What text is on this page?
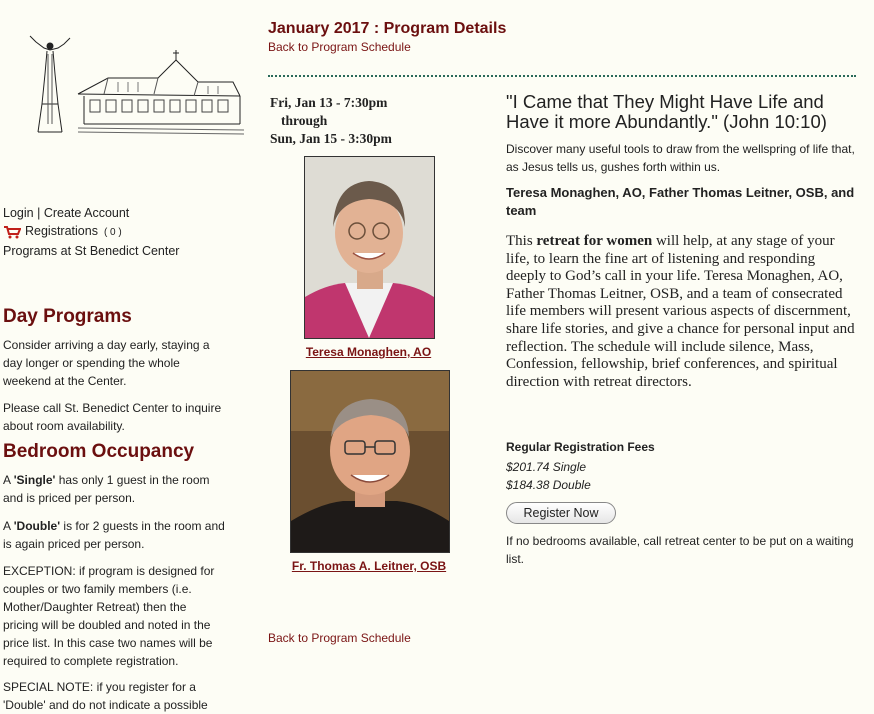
Login | Create Account
Registrations ( 0 )
Programs at St Benedict Center
Day Programs

Consider arriving a day early, staying a day longer or spending the whole weekend at the Center.

Please call St. Benedict Center to inquire about room availability.

Bedroom Occupancy

A 'Single' has only 1 guest in the room and is priced per person.

A 'Double' is for 2 guests in the room and is again priced per person.

EXCEPTION: if program is designed for couples or two family members (i.e. Mother/Daughter Retreat) then the pricing will be doubled and noted in the price list. In this case two names will be required to complete registration.

SPECIAL NOTE: if you register for a 'Double' and do not indicate a possible

January 2017 : Program Details
Back to Program Schedule
Fri, Jan 13 - 7:30pm
through
Sun, Jan 15 - 3:30pm
Teresa Monaghen, AO
Fr. Thomas A. Leitner, OSB
Back to Program Schedule

"I Came that They Might Have Life and Have it more Abundantly." (John 10:10)

Discover many useful tools to draw from the wellspring of life that, as Jesus tells us, gushes forth within us.

Teresa Monaghen, AO, Father Thomas Leitner, OSB, and team

This retreat for women will help, at any stage of your life, to learn the fine art of listening and responding deeply to God’s call in your life. Teresa Monaghen, AO, Father Thomas Leitner, OSB, and a team of consecrated life members will present various aspects of discernment, share life stories, and give a chance for personal input and reflection. The schedule will include silence, Mass, Confession, fellowship, brief conferences, and spiritual direction with retreat directors.

Regular Registration Fees

$201.74 Single

$184.38 Double

Register Now

If no bedrooms available, call retreat center to be put on a waiting list.
